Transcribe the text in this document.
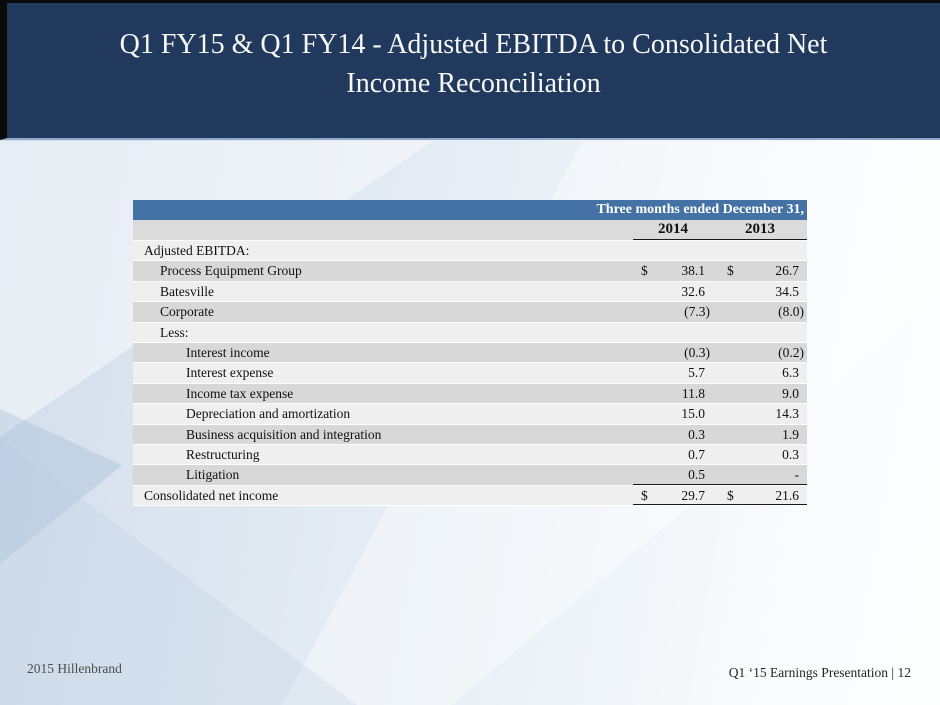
Q1 FY15 & Q1 FY14 - Adjusted EBITDA to Consolidated Net
Income Reconciliation
Three months ended December 31,
2014	2013
Adjusted EBITDA:
Process Equipment Group	$	38.1	$	26.7
Batesville	32.6	34.5
Corporate	(7.3)	(8.0)
Less:
Interest income	(0.3)	(0.2)
Interest expense	5.7	6.3
Income tax expense	11.8	9.0
Depreciation and amortization	15.0	14.3
Business acquisition and integration	0.3	1.9
Restructuring	0.7	0.3
Litigation	0.5	-
Consolidated net income	$	29.7	$	21.6
2015 Hillenbrand	Q1 ‘15 Earnings Presentation | 12
